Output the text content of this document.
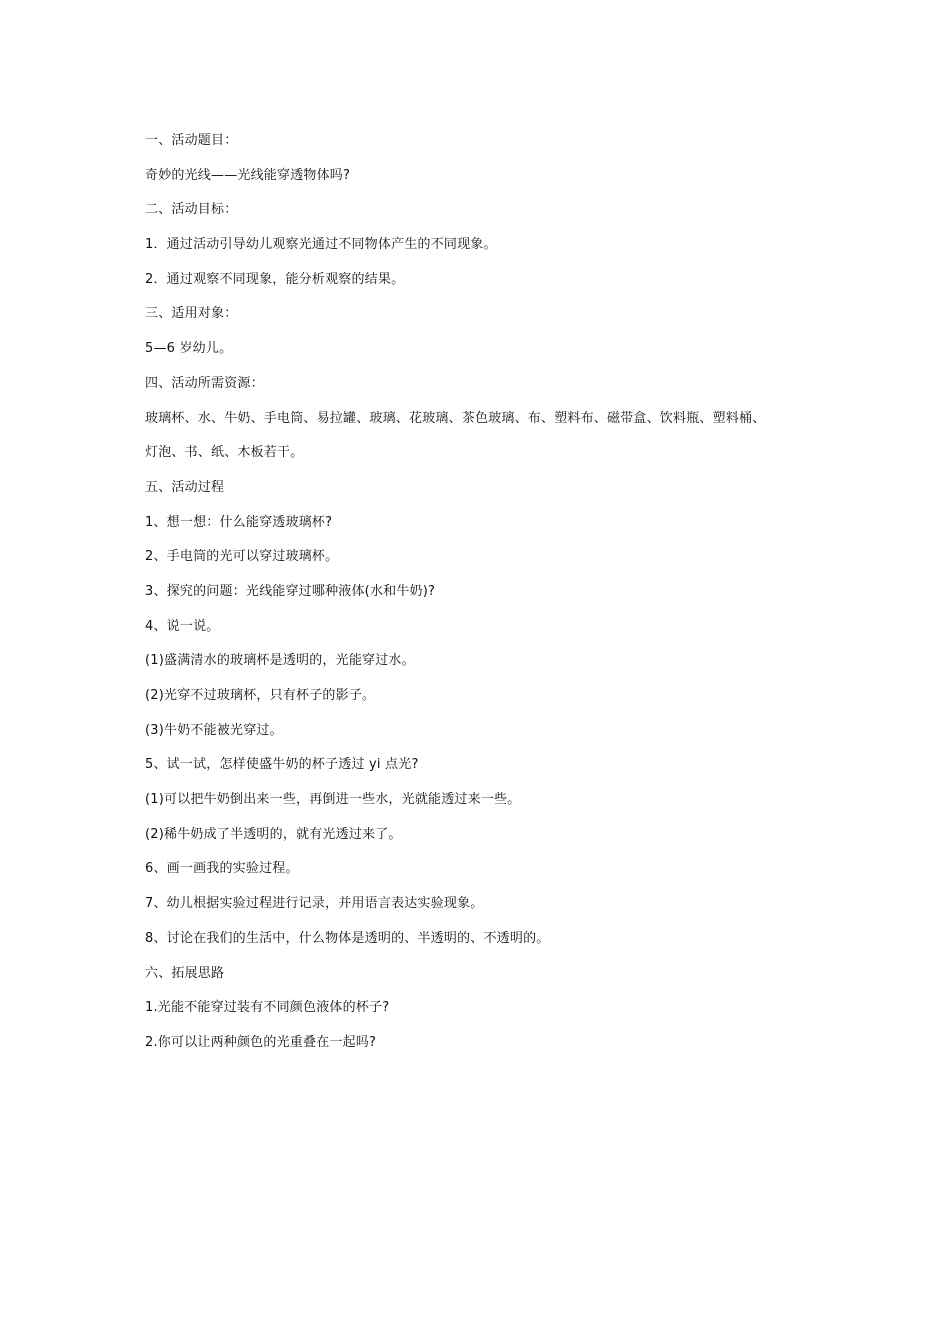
一、活动题目：
奇妙的光线——光线能穿透物体吗?
二、活动目标：
1．通过活动引导幼儿观察光通过不同物体产生的不同现象。
2．通过观察不同现象，能分析观察的结果。
三、适用对象：
5—6 岁幼儿。
四、活动所需资源：
玻璃杯、水、牛奶、手电筒、易拉罐、玻璃、花玻璃、茶色玻璃、布、塑料布、磁带盒、饮料瓶、塑料桶、
灯泡、书、纸、木板若干。
五、活动过程
1、想一想：什么能穿透玻璃杯?
2、手电筒的光可以穿过玻璃杯。
3、探究的问题：光线能穿过哪种液体(水和牛奶)?
4、说一说。
(1)盛满清水的玻璃杯是透明的，光能穿过水。
(2)光穿不过玻璃杯，只有杯子的影子。
(3)牛奶不能被光穿过。
5、试一试，怎样使盛牛奶的杯子透过 yi 点光?
(1)可以把牛奶倒出来一些，再倒进一些水，光就能透过来一些。
(2)稀牛奶成了半透明的，就有光透过来了。
6、画一画我的实验过程。
7、幼儿根据实验过程进行记录，并用语言表达实验现象。
8、讨论在我们的生活中，什么物体是透明的、半透明的、不透明的。
六、拓展思路
1.光能不能穿过装有不同颜色液体的杯子?
2.你可以让两种颜色的光重叠在一起吗?
